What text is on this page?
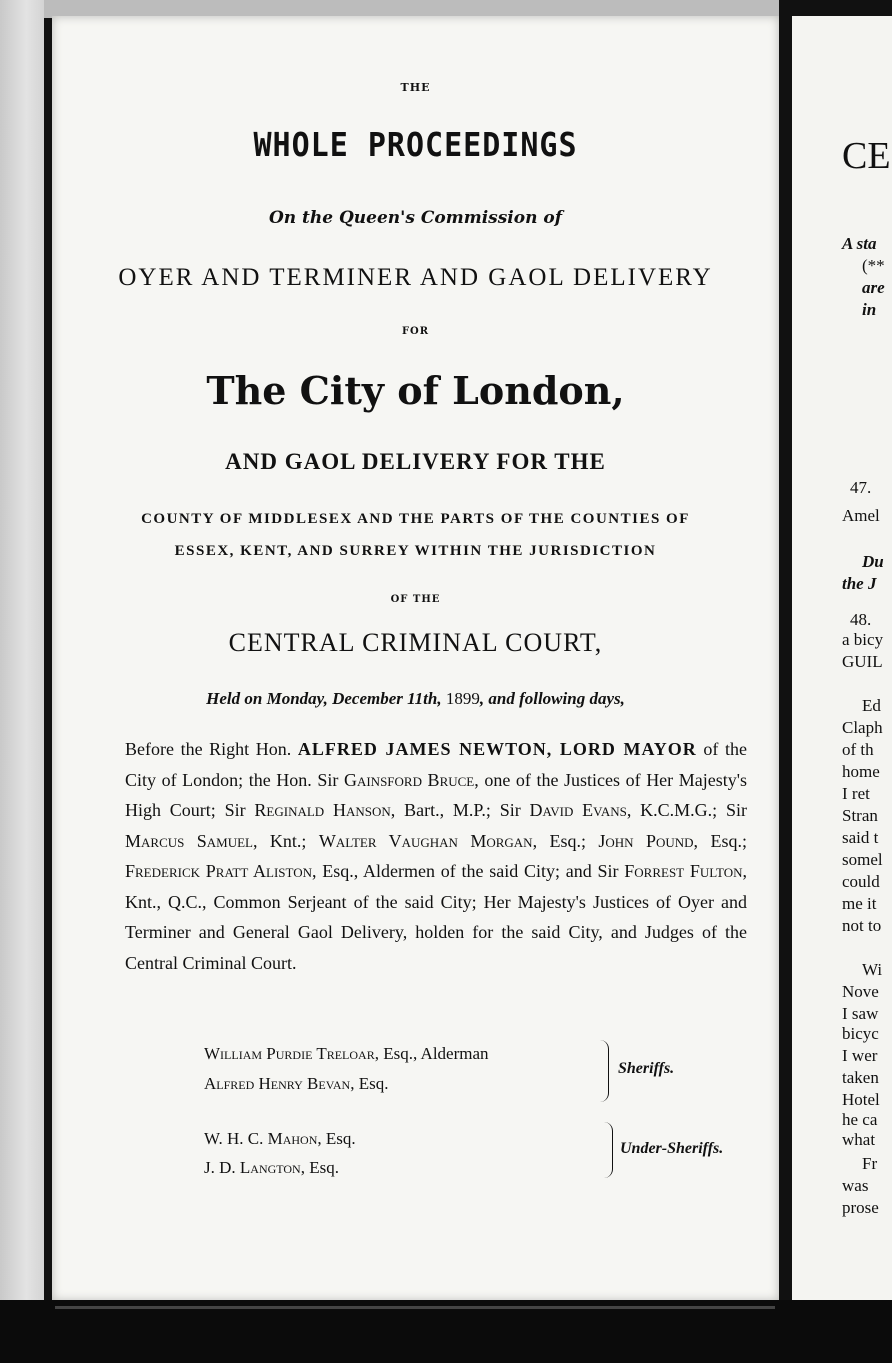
THE
WHOLE PROCEEDINGS
On the Queen's Commission of
OYER AND TERMINER AND GAOL DELIVERY
FOR
The City of London,
AND GAOL DELIVERY FOR THE
COUNTY OF MIDDLESEX AND THE PARTS OF THE COUNTIES OF
ESSEX, KENT, AND SURREY WITHIN THE JURISDICTION
OF THE
CENTRAL CRIMINAL COURT,
Held on Monday, December 11th, 1899, and following days,
Before the Right Hon. ALFRED JAMES NEWTON, LORD MAYOR of the City of London; the Hon. Sir Gainsford Bruce, one of the Justices of Her Majesty's High Court; Sir Reginald Hanson, Bart., M.P.; Sir David Evans, K.C.M.G.; Sir Marcus Samuel, Knt.; Walter Vaughan Morgan, Esq.; John Pound, Esq.; Frederick Pratt Aliston, Esq., Aldermen of the said City; and Sir Forrest Fulton, Knt., Q.C., Common Serjeant of the said City; Her Majesty's Justices of Oyer and Terminer and General Gaol Delivery, holden for the said City, and Judges of the Central Criminal Court.
William Purdie Treloar, Esq., Alderman
Alfred Henry Bevan, Esq.
Sheriffs.
W. H. C. Mahon, Esq.
J. D. Langton, Esq.
Under-Sheriffs.
CE
A sta
(**
are
in
47.
Amel
Du
the J
48.
a bicy
GUIL
Ed
Claph
of th
home
I ret
Stran
said t
somel
could
me it
not to
Wi
Nove
I saw
bicyc
I wer
taken
Hotel
he ca
what
Fr
was
prose
